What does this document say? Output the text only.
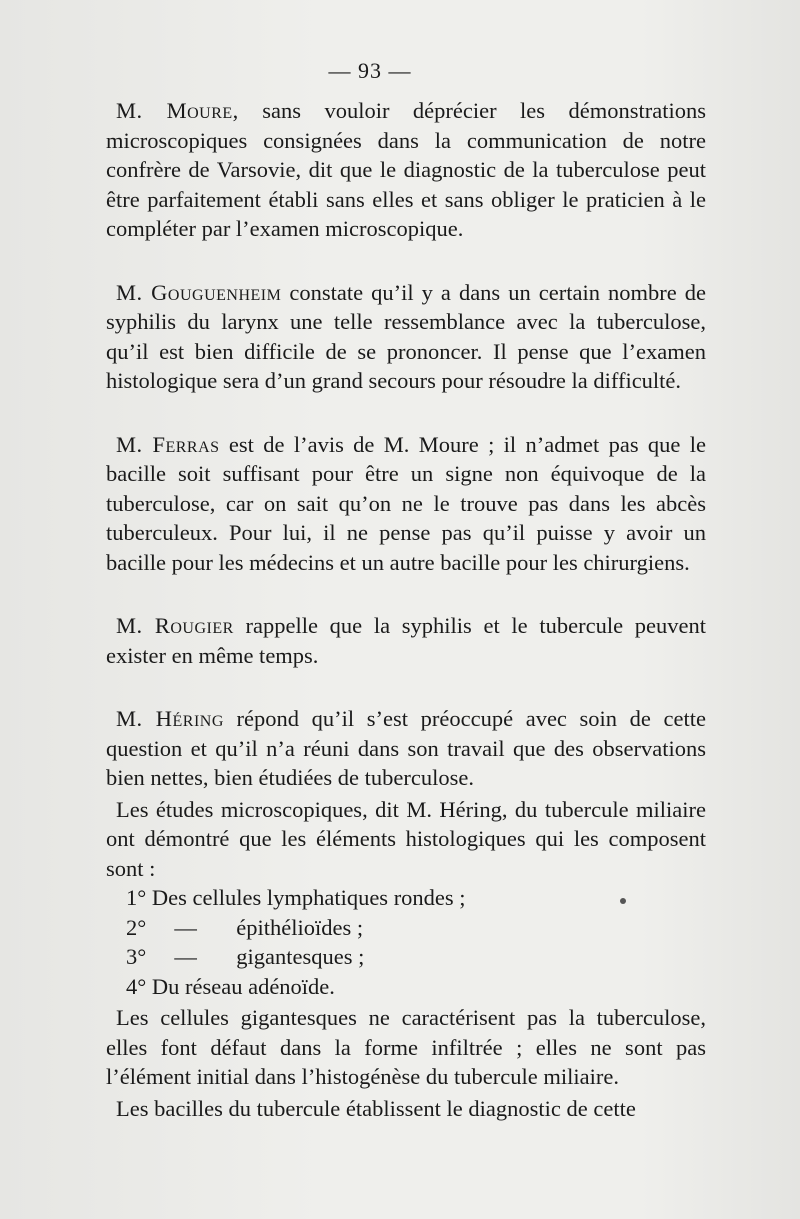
— 93 —

M. Moure, sans vouloir déprécier les démonstrations microscopiques consignées dans la communication de notre confrère de Varsovie, dit que le diagnostic de la tuberculose peut être parfaitement établi sans elles et sans obliger le praticien à le compléter par l’examen microscopique.

M. Gouguenheim constate qu’il y a dans un certain nombre de syphilis du larynx une telle ressemblance avec la tuberculose, qu’il est bien difficile de se prononcer. Il pense que l’examen histologique sera d’un grand secours pour résoudre la difficulté.

M. Ferras est de l’avis de M. Moure ; il n’admet pas que le bacille soit suffisant pour être un signe non équivoque de la tuberculose, car on sait qu’on ne le trouve pas dans les abcès tuberculeux. Pour lui, il ne pense pas qu’il puisse y avoir un bacille pour les médecins et un autre bacille pour les chirurgiens.

M. Rougier rappelle que la syphilis et le tubercule peuvent exister en même temps.

M. Héring répond qu’il s’est préoccupé avec soin de cette question et qu’il n’a réuni dans son travail que des observations bien nettes, bien étudiées de tuberculose.

Les études microscopiques, dit M. Héring, du tubercule miliaire ont démontré que les éléments histologiques qui les composent sont :

1° Des cellules lymphatiques rondes ;
2°     —       épithélioïdes ;
3°     —       gigantesques ;
4° Du réseau adénoïde.

Les cellules gigantesques ne caractérisent pas la tuberculose, elles font défaut dans la forme infiltrée ; elles ne sont pas l’élément initial dans l’histogénèse du tubercule miliaire.

Les bacilles du tubercule établissent le diagnostic de cette
